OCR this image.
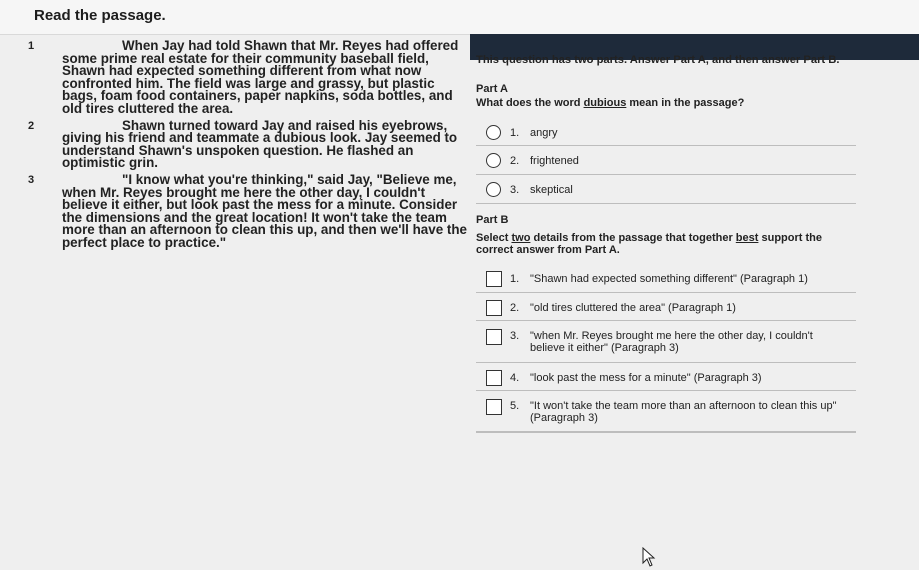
Read the passage.

1	When Jay had told Shawn that Mr. Reyes had offered some prime real estate for their community baseball field, Shawn had expected something different from what now confronted him. The field was large and grassy, but plastic bags, foam food containers, paper napkins, soda bottles, and old tires cluttered the area.

2	Shawn turned toward Jay and raised his eyebrows, giving his friend and teammate a dubious look. Jay seemed to understand Shawn's unspoken question. He flashed an optimistic grin.

3	"I know what you're thinking," said Jay, "Believe me, when Mr. Reyes brought me here the other day, I couldn't believe it either, but look past the mess for a minute. Consider the dimensions and the great location! It won't take the team more than an afternoon to clean this up, and then we'll have the perfect place to practice."

This question has two parts. Answer Part A, and then answer Part B.
Part A
What does the word dubious mean in the passage?
1. angry
2. frightened
3. skeptical
Part B
Select two details from the passage that together best support the correct answer from Part A.
1. "Shawn had expected something different" (Paragraph 1)
2. "old tires cluttered the area" (Paragraph 1)
3. "when Mr. Reyes brought me here the other day, I couldn't believe it either" (Paragraph 3)
4. "look past the mess for a minute" (Paragraph 3)
5. "It won't take the team more than an afternoon to clean this up" (Paragraph 3)
